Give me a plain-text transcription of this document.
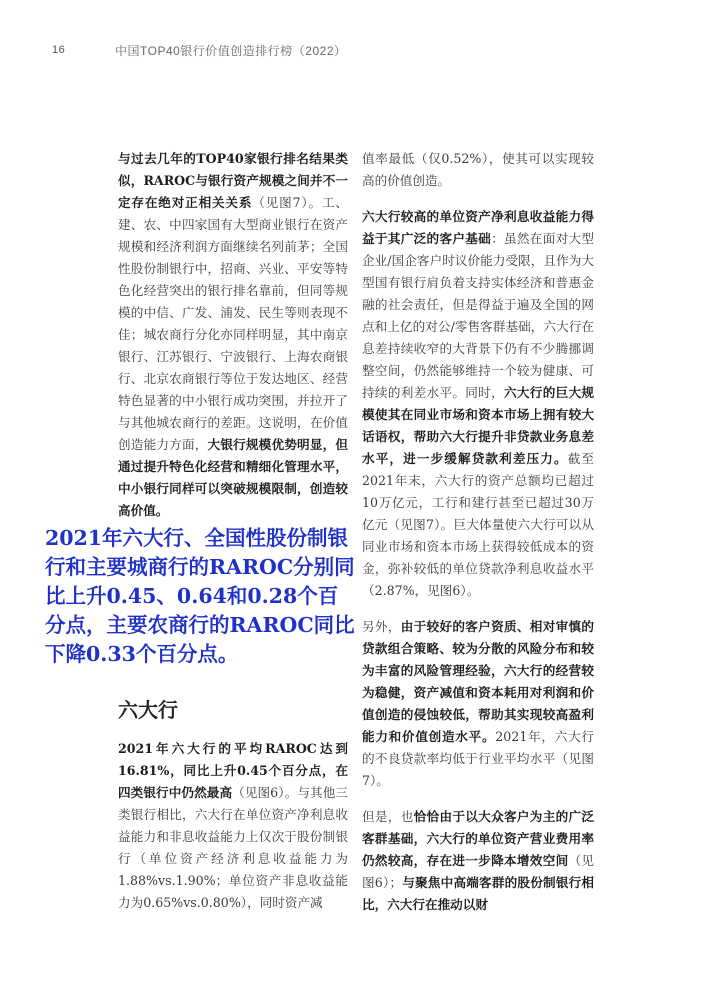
16	中国TOP40银行价值创造排行榜（2022）

与过去几年的TOP40家银行排名结果类似，RAROC与银行资产规模之间并不一定存在绝对正相关关系（见图7）。工、建、农、中四家国有大型商业银行在资产规模和经济利润方面继续名列前茅；全国性股份制银行中，招商、兴业、平安等特色化经营突出的银行排名靠前，但同等规模的中信、广发、浦发、民生等则表现不佳；城农商行分化亦同样明显，其中南京银行、江苏银行、宁波银行、上海农商银行、北京农商银行等位于发达地区、经营特色显著的中小银行成功突围，并拉开了与其他城农商行的差距。这说明，在价值创造能力方面，大银行规模优势明显，但通过提升特色化经营和精细化管理水平，中小银行同样可以突破规模限制，创造较高价值。

2021年六大行、全国性股份制银行和主要城商行的RAROC分别同比上升0.45、0.64和0.28个百分点，主要农商行的RAROC同比下降0.33个百分点。

六大行

2021年六大行的平均RAROC达到16.81%，同比上升0.45个百分点，在四类银行中仍然最高（见图6）。与其他三类银行相比，六大行在单位资产净利息收益能力和非息收益能力上仅次于股份制银行（单位资产经济利息收益能力为1.88%vs.1.90%；单位资产非息收益能力为0.65%vs.0.80%），同时资产减

值率最低（仅0.52%），使其可以实现较高的价值创造。

六大行较高的单位资产净利息收益能力得益于其广泛的客户基础：虽然在面对大型企业/国企客户时议价能力受限，且作为大型国有银行肩负着支持实体经济和普惠金融的社会责任，但是得益于遍及全国的网点和上亿的对公/零售客群基础，六大行在息差持续收窄的大背景下仍有不少腾挪调整空间，仍然能够维持一个较为健康、可持续的利差水平。同时，六大行的巨大规模使其在同业市场和资本市场上拥有较大话语权，帮助六大行提升非贷款业务息差水平，进一步缓解贷款利差压力。截至2021年末，六大行的资产总额均已超过10万亿元，工行和建行甚至已超过30万亿元（见图7）。巨大体量使六大行可以从同业市场和资本市场上获得较低成本的资金，弥补较低的单位贷款净利息收益水平（2.87%，见图6）。

另外，由于较好的客户资质、相对审慎的贷款组合策略、较为分散的风险分布和较为丰富的风险管理经验，六大行的经营较为稳健，资产减值和资本耗用对利润和价值创造的侵蚀较低，帮助其实现较高盈利能力和价值创造水平。2021年，六大行的不良贷款率均低于行业平均水平（见图7）。

但是，也恰恰由于以大众客户为主的广泛客群基础，六大行的单位资产营业费用率仍然较高，存在进一步降本增效空间（见图6）；与聚焦中高端客群的股份制银行相比，六大行在推动以财
